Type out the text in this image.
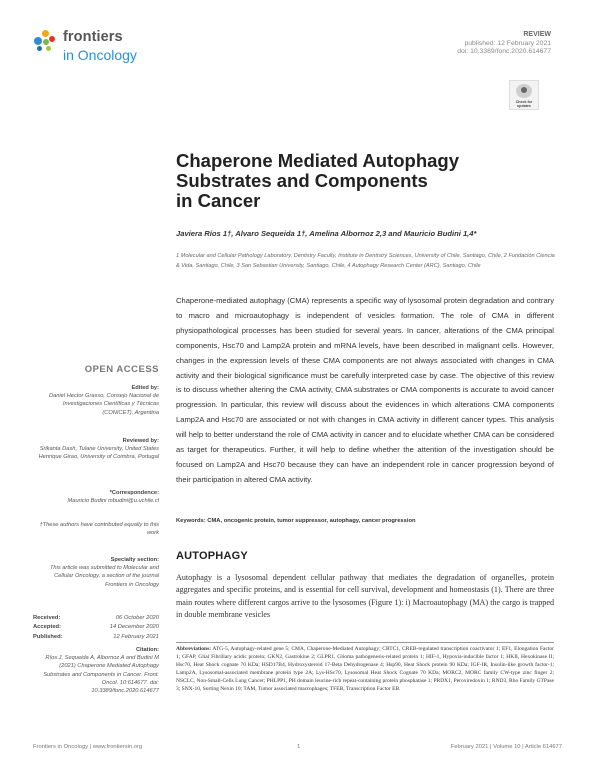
frontiers
in Oncology
REVIEW
published: 12 February 2021
doi: 10.3389/fonc.2020.614677
Check for updates
Chaperone Mediated Autophagy
Substrates and Components
in Cancer
Javiera Ríos 1†, Alvaro Sequeida 1†, Amelina Albornoz 2,3 and Mauricio Budini 1,4*
1 Molecular and Cellular Pathology Laboratory, Dentistry Faculty, Institute in Dentistry Sciences, University of Chile, Santiago, Chile, 2 Fundación Ciencia & Vida, Santiago, Chile, 3 San Sebastian University, Santiago, Chile, 4 Autophagy Research Center (ARC), Santiago, Chile
Chaperone-mediated autophagy (CMA) represents a specific way of lysosomal protein degradation and contrary to macro and microautophagy is independent of vesicles formation. The role of CMA in different physiopathological processes has been studied for several years. In cancer, alterations of the CMA principal components, Hsc70 and Lamp2A protein and mRNA levels, have been described in malignant cells. However, changes in the expression levels of these CMA components are not always associated with changes in CMA activity and their biological significance must be carefully interpreted case by case. The objective of this review is to discuss whether altering the CMA activity, CMA substrates or CMA components is accurate to avoid cancer progression. In particular, this review will discuss about the evidences in which alterations CMA components Lamp2A and Hsc70 are associated or not with changes in CMA activity in different cancer types. This analysis will help to better understand the role of CMA activity in cancer and to elucidate whether CMA can be considered as target for therapeutics. Further, it will help to define whether the attention of the investigation should be focused on Lamp2A and Hsc70 because they can have an independent role in cancer progression beyond of their participation in altered CMA activity.
Keywords: CMA, oncogenic protein, tumor suppressor, autophagy, cancer progression
AUTOPHAGY
Autophagy is a lysosomal dependent cellular pathway that mediates the degradation of organelles, protein aggregates and specific proteins, and is essential for cell survival, development and homeostasis (1). There are three main routes where different cargos arrive to the lysosomes (Figure 1): i) Macroautophagy (MA) the cargo is trapped in double membrane vesicles
Abbreviations: ATG-5, Autophagy-related gene 5; CMA, Chaperone-Mediated Autophagy; CRTC1, CREB-regulated transcription coactivator 1; EF1, Elongation Factor 1; GFAP, Glial Fibrillary acidic protein; GKN2, Gastrokine 2; GLPR1, Glioma pathogenesis-related protein 1; HIF-1, Hypoxia-inducible factor 1; HKII, Hexokinase II; Hsc70, Heat Shock cognate 70 KDa; HSD17B4, Hydroxysteroid 17-Beta Dehydrogenase 4; Hsp90, Heat Shock protein 90 KDa; IGF-IR, Insulin-like growth factor-1; Lamp2A, Lysosomal-associated membrane protein type 2A; Lys-HSc70, Lysosomal Heat Shock Cognate 70 KDa; MORC2, MORC family CW-type zinc finger 2; NSCLC, Non-Small-Cells Lung Cancer; PHLPP1, PH domain leucine-rich repeat-containing protein phosphatase 1; PRDX1, Peroxiredoxin 1; RND3, Rho Family GTPase 3; SNX-10, Sorting Nexin 10; TAM, Tumor associated macrophages; TFEB, Transcription Factor EB.
OPEN ACCESS
Edited by:
Daniel Hector Grasso, Consejo Nacional de Investigaciones Científicas y Técnicas (CONICET), Argentina
Reviewed by:
Srikanta Dash, Tulane University, United States
Henrique Girao, University of Coimbra, Portugal
*Correspondence:
Mauricio Budini mbudini@u.uchile.cl
†These authors have contributed equally to this work
Specialty section:
This article was submitted to Molecular and Cellular Oncology, a section of the journal Frontiers in Oncology
Received:	06 October 2020
Accepted:	14 December 2020
Published:	12 February 2021
Citation:
Ríos J, Sequeida A, Albornoz A and Budini M (2021) Chaperone Mediated Autophagy Substrates and Components in Cancer. Front. Oncol. 10:614677. doi: 10.3389/fonc.2020.614677
Frontiers in Oncology | www.frontiersin.org	1	February 2021 | Volume 10 | Article 614677
